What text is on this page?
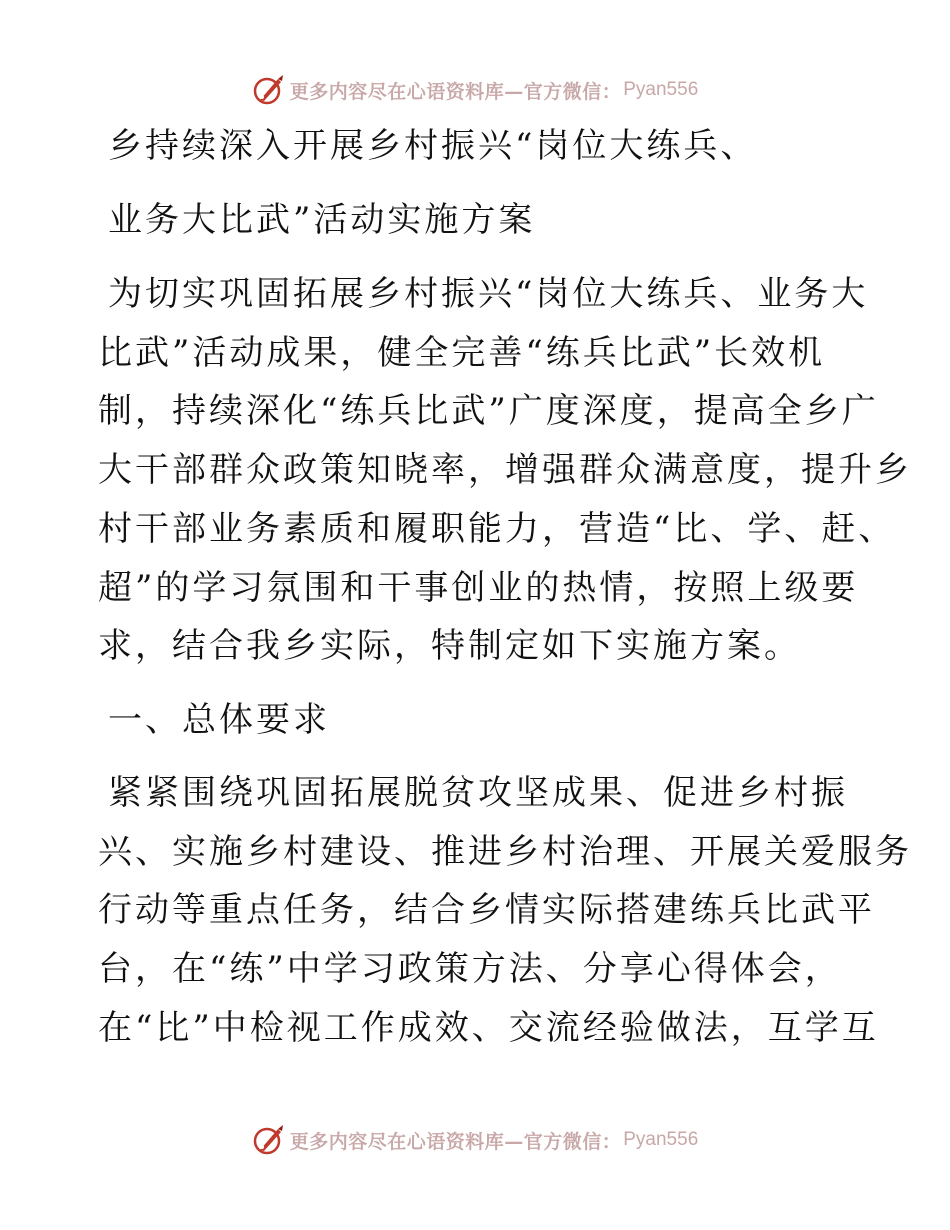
更多内容尽在心语资料库—官方微信： Pyan556
乡持续深入开展乡村振兴“岗位大练兵、
业务大比武”活动实施方案
为切实巩固拓展乡村振兴“岗位大练兵、业务大
比武”活动成果，健全完善“练兵比武”长效机
制，持续深化“练兵比武”广度深度，提高全乡广
大干部群众政策知晓率，增强群众满意度，提升乡
村干部业务素质和履职能力，营造“比、学、赶、
超”的学习氛围和干事创业的热情，按照上级要
求，结合我乡实际，特制定如下实施方案。
一、总体要求
紧紧围绕巩固拓展脱贫攻坚成果、促进乡村振
兴、实施乡村建设、推进乡村治理、开展关爱服务
行动等重点任务，结合乡情实际搭建练兵比武平
台，在“练”中学习政策方法、分享心得体会，
在“比”中检视工作成效、交流经验做法，互学互
更多内容尽在心语资料库—官方微信： Pyan556
